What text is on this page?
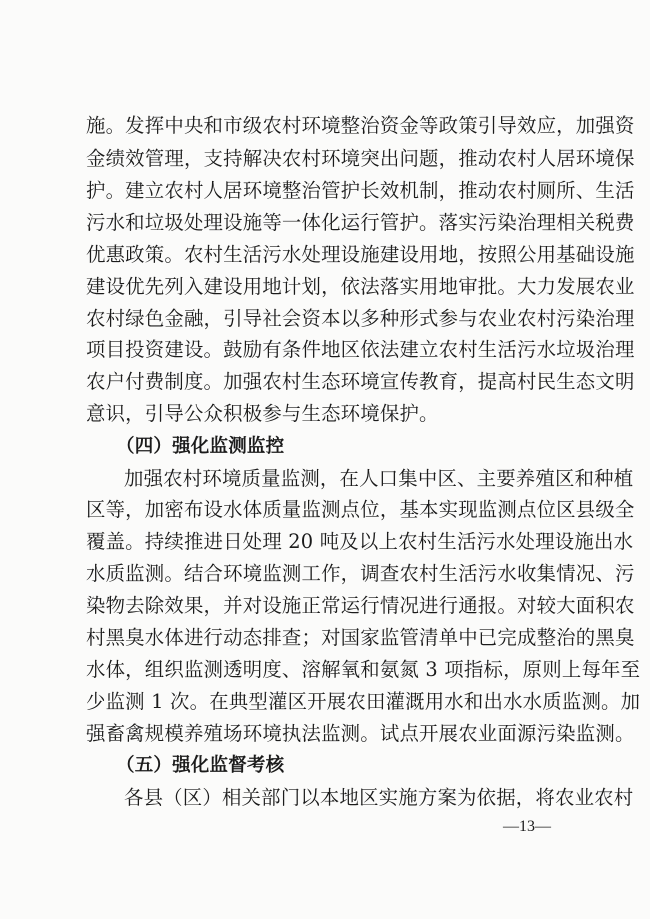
施。发挥中央和市级农村环境整治资金等政策引导效应，加强资
金绩效管理，支持解决农村环境突出问题，推动农村人居环境保
护。建立农村人居环境整治管护长效机制，推动农村厕所、生活
污水和垃圾处理设施等一体化运行管护。落实污染治理相关税费
优惠政策。农村生活污水处理设施建设用地，按照公用基础设施
建设优先列入建设用地计划，依法落实用地审批。大力发展农业
农村绿色金融，引导社会资本以多种形式参与农业农村污染治理
项目投资建设。鼓励有条件地区依法建立农村生活污水垃圾治理
农户付费制度。加强农村生态环境宣传教育，提高村民生态文明
意识，引导公众积极参与生态环境保护。
（四）强化监测监控
加强农村环境质量监测，在人口集中区、主要养殖区和种植
区等，加密布设水体质量监测点位，基本实现监测点位区县级全
覆盖。持续推进日处理 20 吨及以上农村生活污水处理设施出水
水质监测。结合环境监测工作，调查农村生活污水收集情况、污
染物去除效果，并对设施正常运行情况进行通报。对较大面积农
村黑臭水体进行动态排查；对国家监管清单中已完成整治的黑臭
水体，组织监测透明度、溶解氧和氨氮 3 项指标，原则上每年至
少监测 1 次。在典型灌区开展农田灌溉用水和出水水质监测。加
强畜禽规模养殖场环境执法监测。试点开展农业面源污染监测。
（五）强化监督考核
各县（区）相关部门以本地区实施方案为依据，将农业农村
—13—
